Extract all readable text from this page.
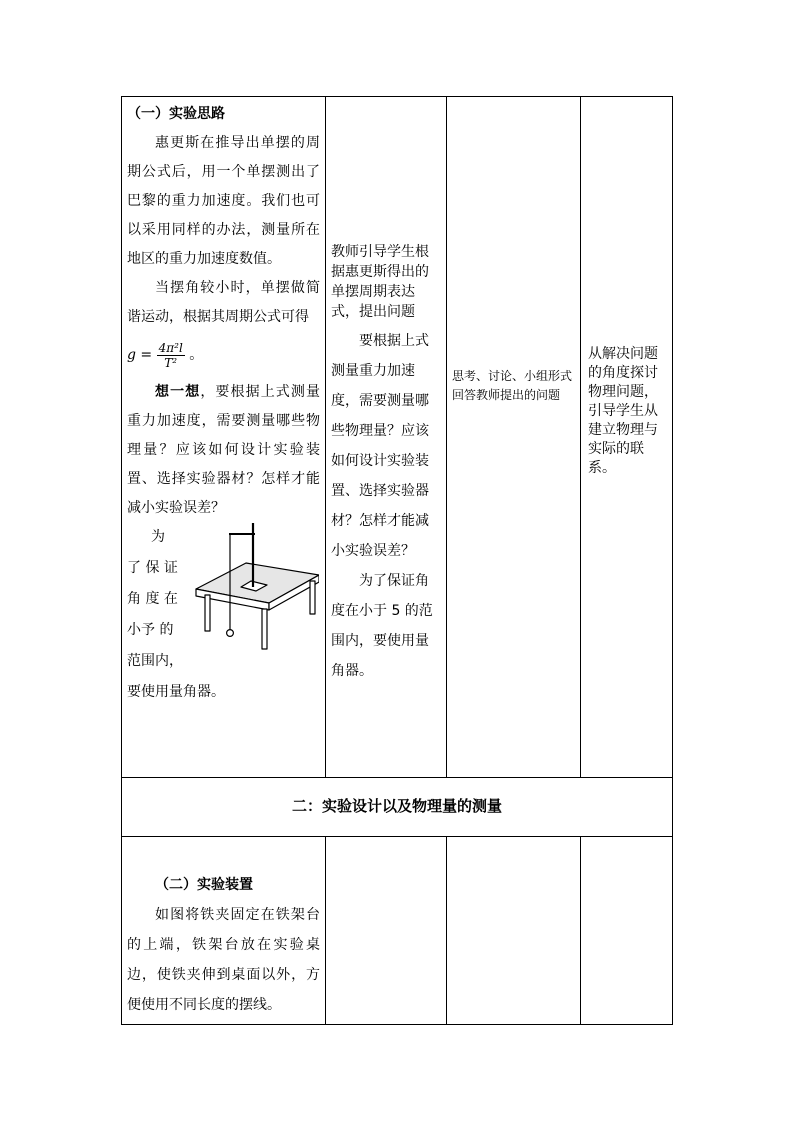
（一）实验思路

惠更斯在推导出单摆的周期公式后，用一个单摆测出了巴黎的重力加速度。我们也可以采用同样的办法，测量所在地区的重力加速度数值。

当摆角较小时，单摆做简谐运动，根据其周期公式可得

$g = \frac{\text{4π²l}}{\text{T²}}$ 。

想一想，要根据上式测量重力加速度，需要测量哪些物理量？应该如何设计实验装置、选择实验器材？怎样才能减小实验误差？

为
了 保 证
角 度 在
小予 的
范围内，
要使用量角器。

教师引导学生根据惠更斯得出的单摆周期表达式，提出问题

要根据上式测量重力加速度，需要测量哪些物理量？应该如何设计实验装置、选择实验器材？怎样才能减小实验误差？

为了保证角度在小于 5 的范围内，要使用量角器。

思考、讨论、小组形式回答教师提出的问题

从解决问题的角度探讨物理问题，引导学生从建立物理与实际的联系。

二：实验设计以及物理量的测量

（二）实验装置

如图将铁夹固定在铁架台的上端，铁架台放在实验桌边，使铁夹伸到桌面以外，方便使用不同长度的摆线。
